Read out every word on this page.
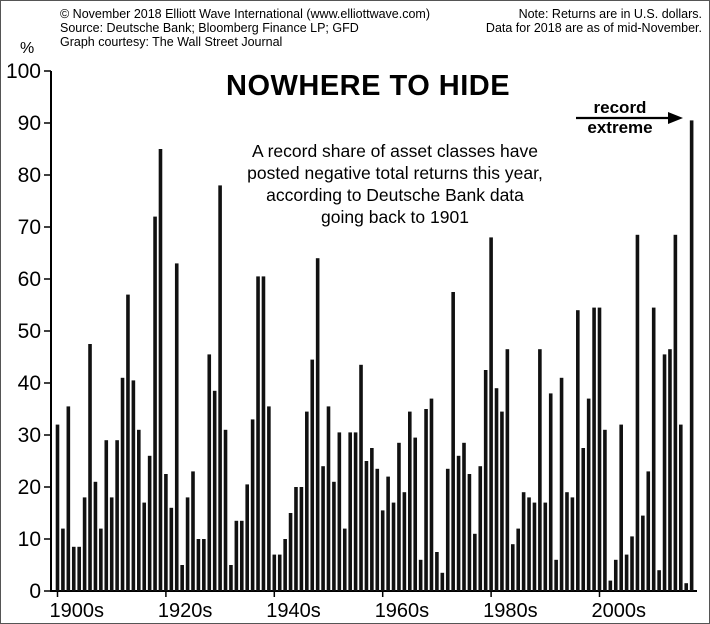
© November 2018 Elliott Wave International (www.elliottwave.com)
Source: Deutsche Bank; Bloomberg Finance LP; GFD
Graph courtesy: The Wall Street Journal
Note: Returns are in U.S. dollars.
Data for 2018 are as of mid-November.
%
NOWHERE TO HIDE
A record share of asset classes have
posted negative total returns this year,
according to Deutsche Bank data
going back to 1901
record
extreme
0
10
20
30
40
50
60
70
80
90
100
1900s	1920s	1940s	1960s	1980s	2000s
